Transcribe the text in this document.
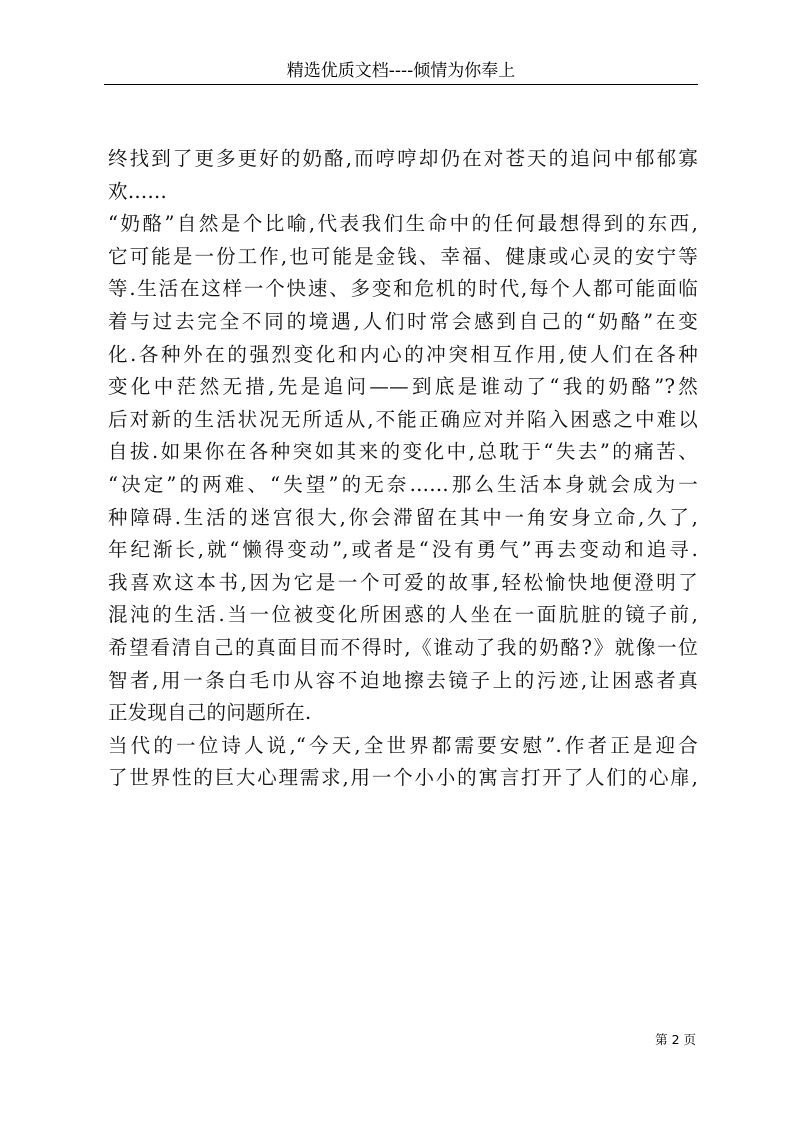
精选优质文档----倾情为你奉上
终找到了更多更好的奶酪,而哼哼却仍在对苍天的追问中郁郁寡
欢……
“奶酪”自然是个比喻,代表我们生命中的任何最想得到的东西,
它可能是一份工作,也可能是金钱、幸福、健康或心灵的安宁等
等.生活在这样一个快速、多变和危机的时代,每个人都可能面临
着与过去完全不同的境遇,人们时常会感到自己的“奶酪”在变
化.各种外在的强烈变化和内心的冲突相互作用,使人们在各种
变化中茫然无措,先是追问——到底是谁动了“我的奶酪”?然
后对新的生活状况无所适从,不能正确应对并陷入困惑之中难以
自拔.如果你在各种突如其来的变化中,总耽于“失去”的痛苦、
“决定”的两难、“失望”的无奈……那么生活本身就会成为一
种障碍.生活的迷宫很大,你会滞留在其中一角安身立命,久了,
年纪渐长,就“懒得变动”,或者是“没有勇气”再去变动和追寻.
我喜欢这本书,因为它是一个可爱的故事,轻松愉快地便澄明了
混沌的生活.当一位被变化所困惑的人坐在一面肮脏的镜子前,
希望看清自己的真面目而不得时,《谁动了我的奶酪?》就像一位
智者,用一条白毛巾从容不迫地擦去镜子上的污迹,让困惑者真
正发现自己的问题所在.
当代的一位诗人说,“今天,全世界都需要安慰”.作者正是迎合
了世界性的巨大心理需求,用一个小小的寓言打开了人们的心扉,
第 2 页
